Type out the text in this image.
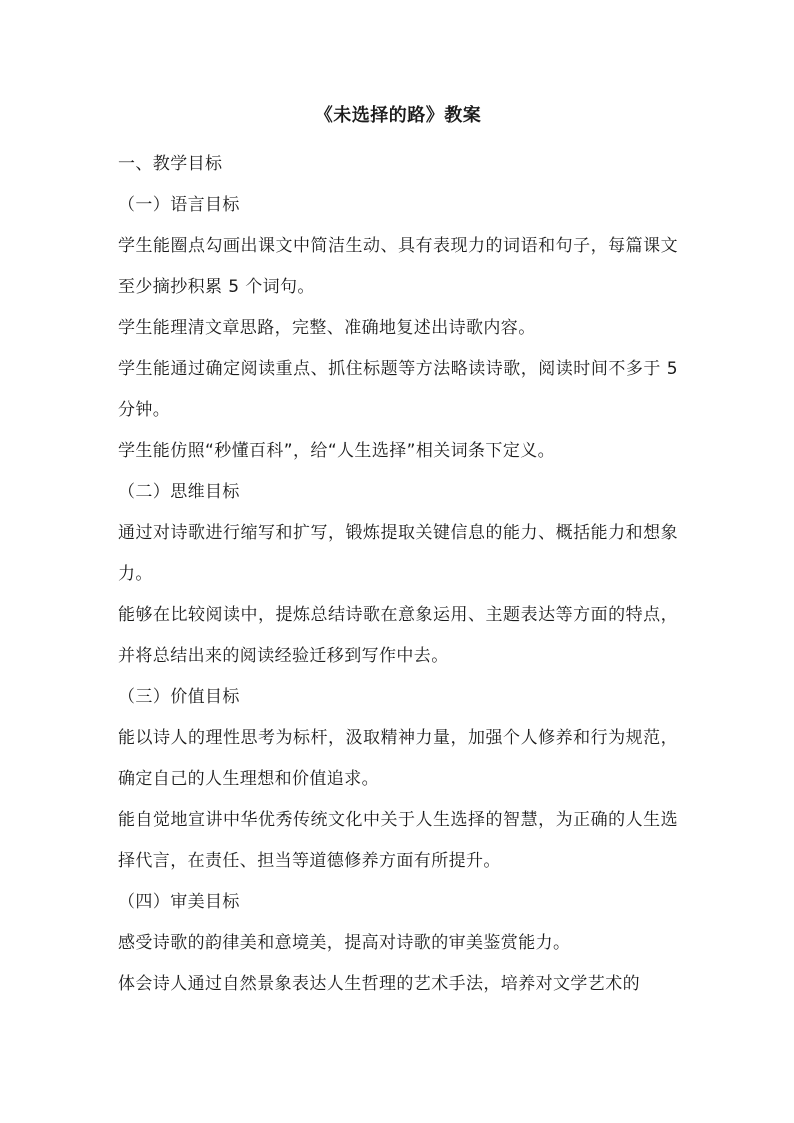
《未选择的路》教案

一、教学目标

（一）语言目标

学生能圈点勾画出课文中简洁生动、具有表现力的词语和句子，每篇课文至少摘抄积累 5 个词句。

学生能理清文章思路，完整、准确地复述出诗歌内容。

学生能通过确定阅读重点、抓住标题等方法略读诗歌，阅读时间不多于 5 分钟。

学生能仿照“秒懂百科”，给“人生选择”相关词条下定义。

（二）思维目标

通过对诗歌进行缩写和扩写，锻炼提取关键信息的能力、概括能力和想象力。

能够在比较阅读中，提炼总结诗歌在意象运用、主题表达等方面的特点，并将总结出来的阅读经验迁移到写作中去。

（三）价值目标

能以诗人的理性思考为标杆，汲取精神力量，加强个人修养和行为规范，确定自己的人生理想和价值追求。

能自觉地宣讲中华优秀传统文化中关于人生选择的智慧，为正确的人生选择代言，在责任、担当等道德修养方面有所提升。

（四）审美目标

感受诗歌的韵律美和意境美，提高对诗歌的审美鉴赏能力。

体会诗人通过自然景象表达人生哲理的艺术手法，培养对文学艺术的
